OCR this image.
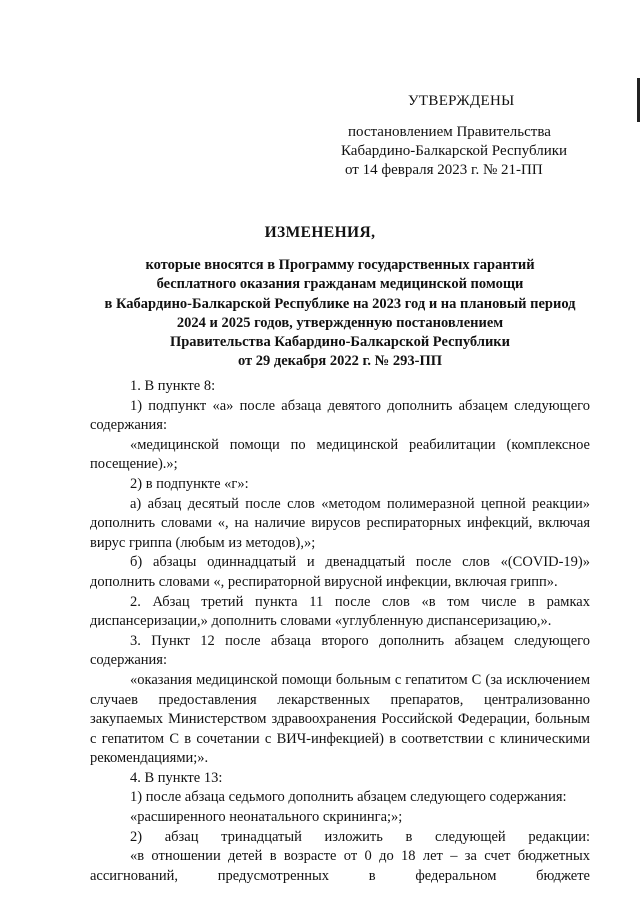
УТВЕРЖДЕНЫ
постановлением Правительства
Кабардино-Балкарской Республики
от 14 февраля 2023 г. № 21-ПП
ИЗМЕНЕНИЯ,
которые вносятся в Программу государственных гарантий
бесплатного оказания гражданам медицинской помощи
в Кабардино-Балкарской Республике на 2023 год и на плановый период
2024 и 2025 годов, утвержденную постановлением
Правительства Кабардино-Балкарской Республики
от 29 декабря 2022 г. № 293-ПП
1. В пункте 8:
1) подпункт «а» после абзаца девятого дополнить абзацем следующего содержания:
«медицинской помощи по медицинской реабилитации (комплексное посещение).»;
2) в подпункте «г»:
а) абзац десятый после слов «методом полимеразной цепной реакции» дополнить словами «, на наличие вирусов респираторных инфекций, включая вирус гриппа (любым из методов),»;
б) абзацы одиннадцатый и двенадцатый после слов «(COVID-19)» дополнить словами «, респираторной вирусной инфекции, включая грипп».
2. Абзац третий пункта 11 после слов «в том числе в рамках диспансеризации,» дополнить словами «углубленную диспансеризацию,».
3. Пункт 12 после абзаца второго дополнить абзацем следующего содержания:
«оказания медицинской помощи больным с гепатитом С (за исключением случаев предоставления лекарственных препаратов, централизованно закупаемых Министерством здравоохранения Российской Федерации, больным с гепатитом С в сочетании с ВИЧ-инфекцией) в соответствии с клиническими рекомендациями;».
4. В пункте 13:
1) после абзаца седьмого дополнить абзацем следующего содержания:
«расширенного неонатального скрининга;»;
2) абзац тринадцатый изложить в следующей редакции:
«в отношении детей в возрасте от 0 до 18 лет – за счет бюджетных ассигнований, предусмотренных в федеральном бюджете
